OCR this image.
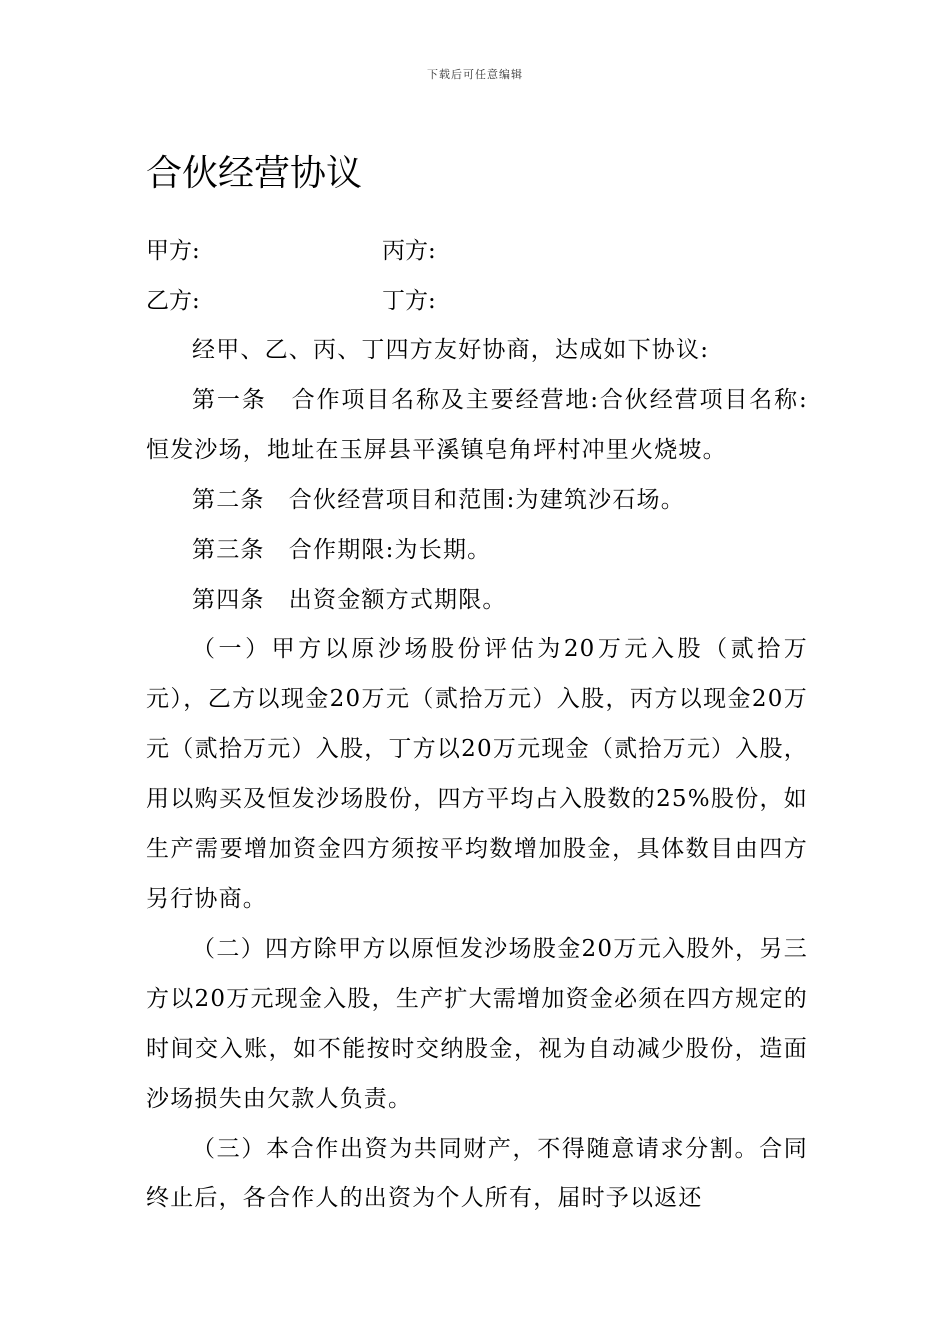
下载后可任意编辑
合伙经营协议
甲方:	丙方:
乙方:	丁方:

经甲、乙、丙、丁四方友好协商，达成如下协议:

第一条　合作项目名称及主要经营地:合伙经营项目名称:恒发沙场，地址在玉屏县平溪镇皂角坪村冲里火烧坡。

第二条　合伙经营项目和范围:为建筑沙石场。

第三条　合作期限:为长期。

第四条　出资金额方式期限。

（一）甲方以原沙场股份评估为20万元入股（贰拾万元），乙方以现金20万元（贰拾万元）入股，丙方以现金20万元（贰拾万元）入股，丁方以20万元现金（贰拾万元）入股，用以购买及恒发沙场股份，四方平均占入股数的25%股份，如生产需要增加资金四方须按平均数增加股金，具体数目由四方另行协商。

（二）四方除甲方以原恒发沙场股金20万元入股外，另三方以20万元现金入股，生产扩大需增加资金必须在四方规定的时间交入账，如不能按时交纳股金，视为自动减少股份，造面沙场损失由欠款人负责。

（三）本合作出资为共同财产，不得随意请求分割。合同终止后，各合作人的出资为个人所有，届时予以返还
